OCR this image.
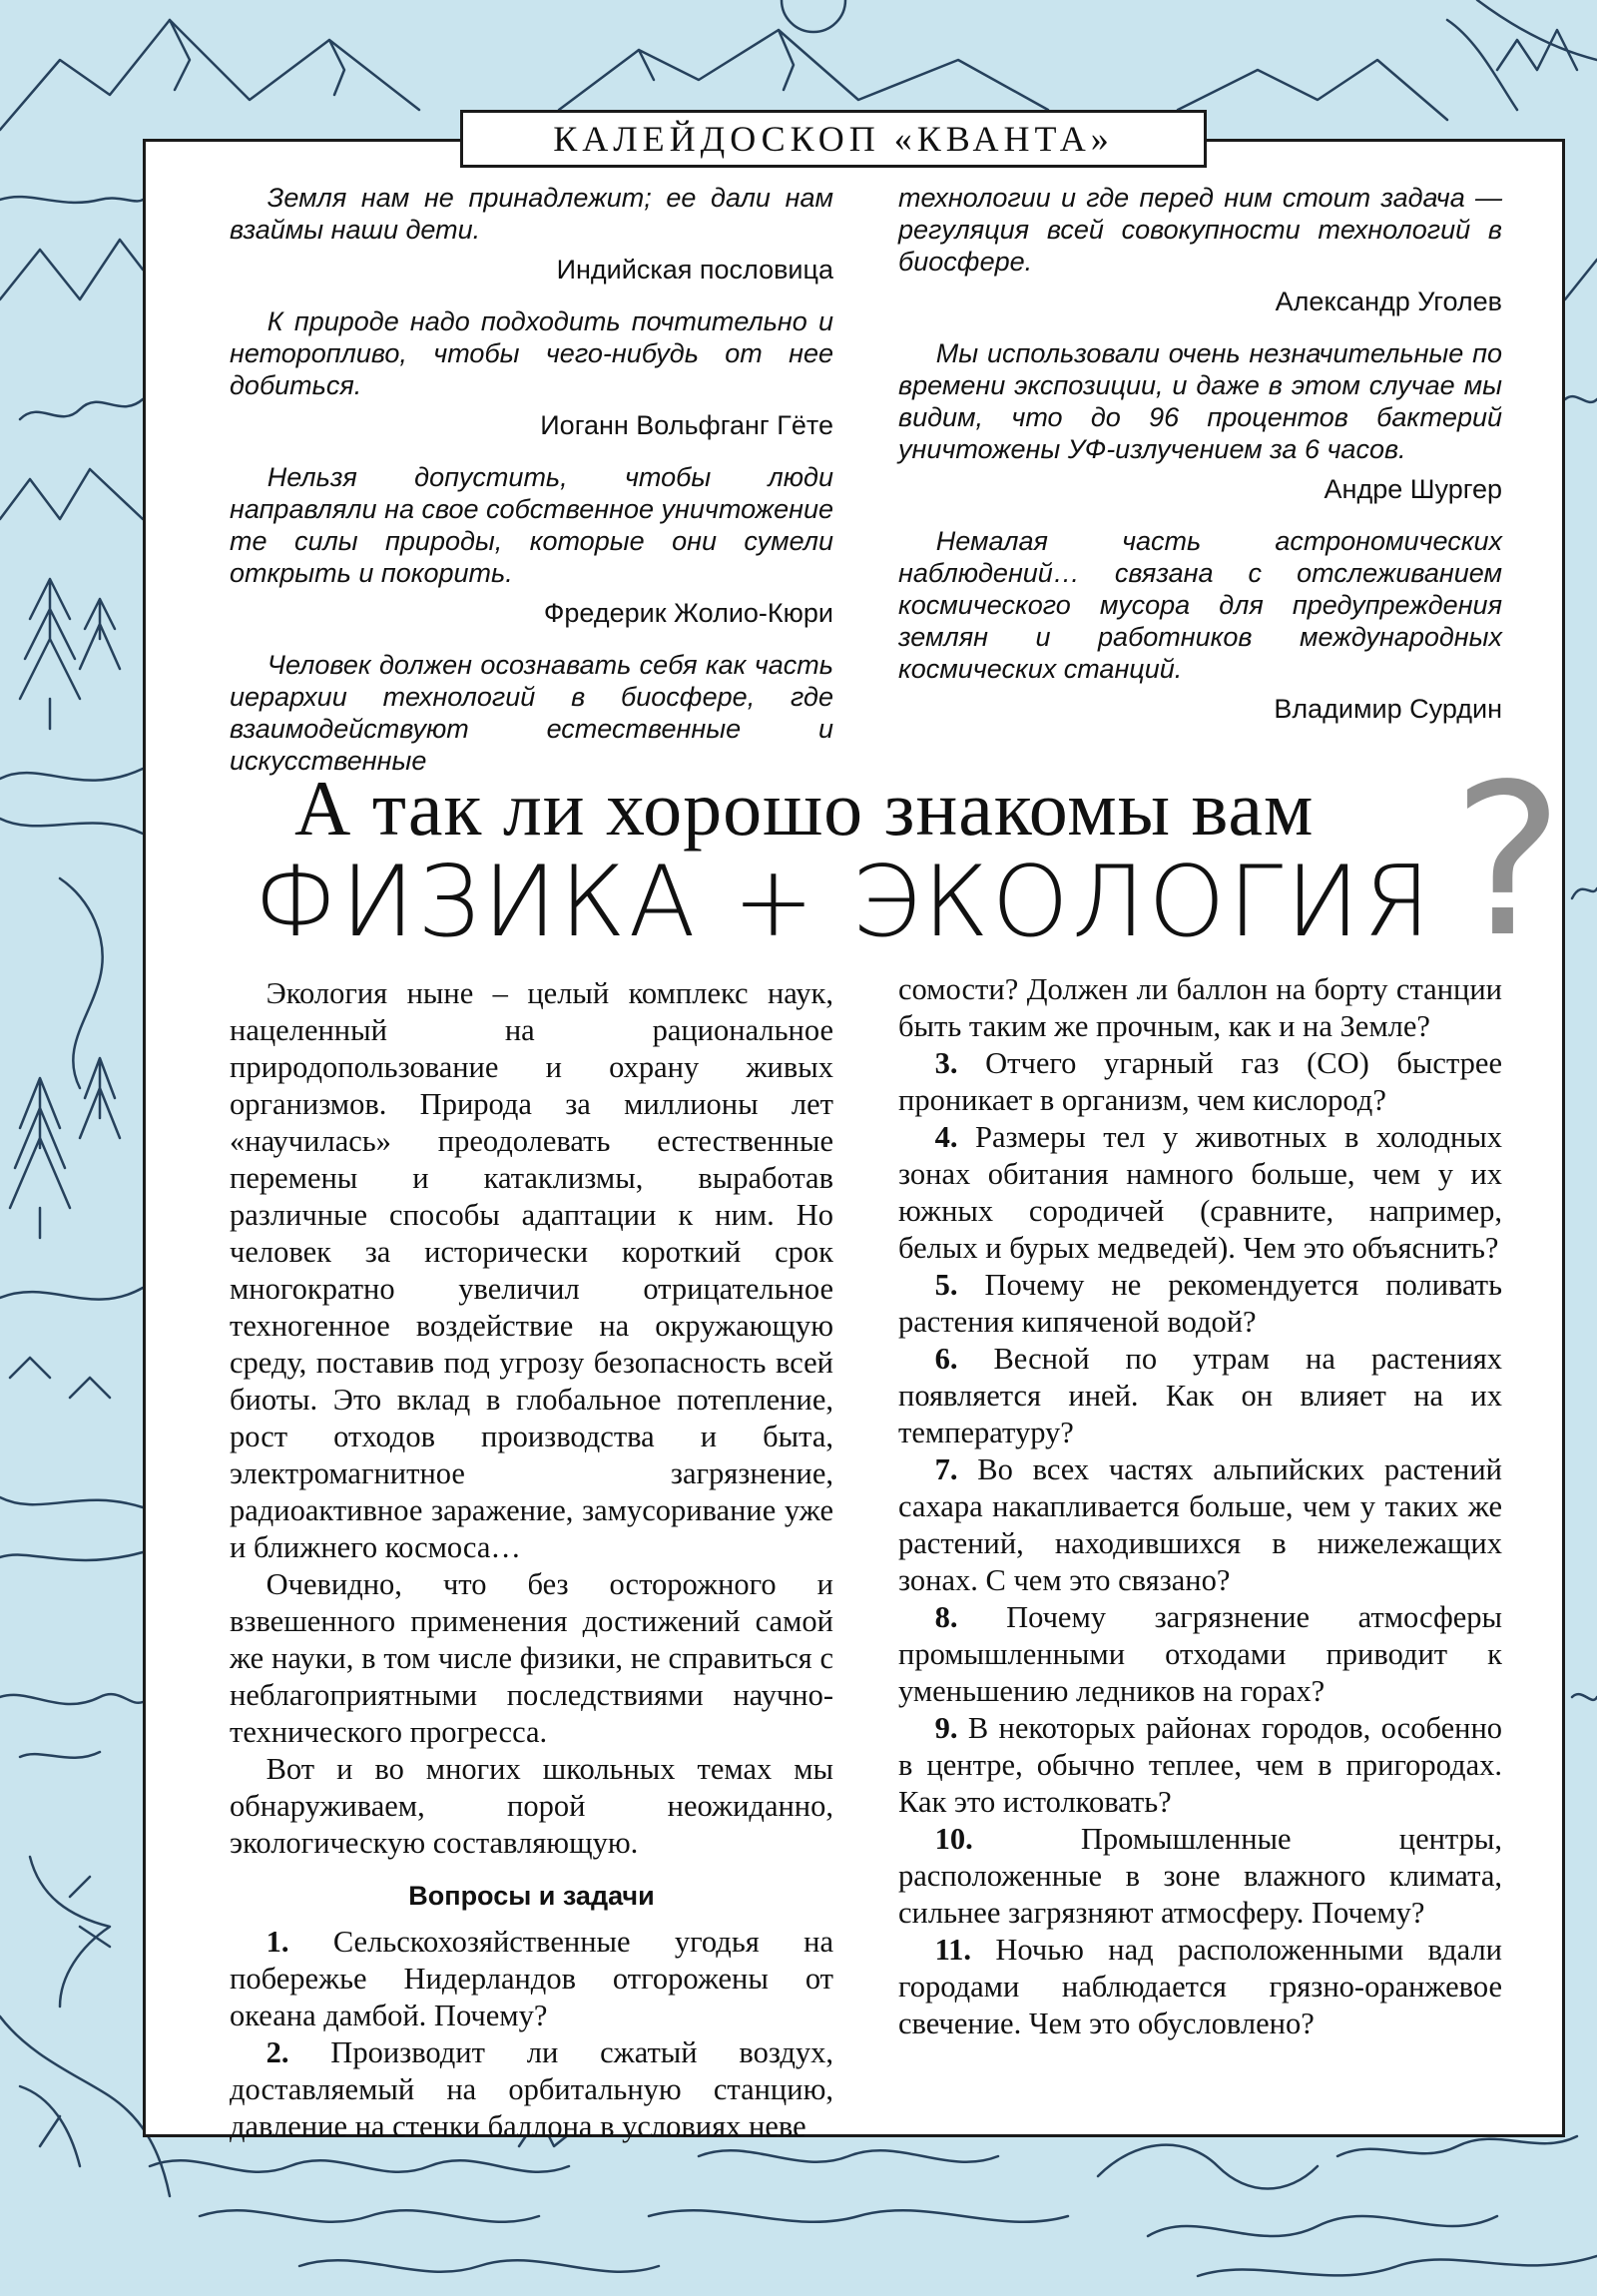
КАЛЕЙДОСКОП «КВАНТА»

Земля нам не принадлежит; ее дали нам взаймы наши дети.

Индийская пословица

К природе надо подходить почтительно и неторопливо, чтобы чего-нибудь от нее добиться.

Иоганн Вольфганг Гёте

Нельзя допустить, чтобы люди направляли на свое собственное уничтожение те силы природы, которые они сумели открыть и покорить.

Фредерик Жолио-Кюри

Человек должен осознавать себя как часть иерархии технологий в биосфере, где взаимодействуют естественные и искусственные

технологии и где перед ним стоит задача — регуляция всей совокупности технологий в биосфере.

Александр Уголев

Мы использовали очень незначительные по времени экспозиции, и даже в этом случае мы видим, что до 96 процентов бактерий уничтожены УФ-излучением за 6 часов.

Андре Шургер

Немалая часть астрономических наблюдений… связана с отслеживанием космического мусора для предупреждения землян и работников международных космических станций.

Владимир Сурдин
А так ли хорошо знакомы вам
ФИЗИКА + ЭКОЛОГИЯ ?

Экология ныне – целый комплекс наук, нацеленный на рациональное природопользование и охрану живых организмов. Природа за миллионы лет «научилась» преодолевать естественные перемены и катаклизмы, выработав различные способы адаптации к ним. Но человек за исторически короткий срок многократно увеличил отрицательное техногенное воздействие на окружающую среду, поставив под угрозу безопасность всей биоты. Это вклад в глобальное потепление, рост отходов производства и быта, электромагнитное загрязнение, радиоактивное заражение, замусоривание уже и ближнего космоса…

Очевидно, что без осторожного и взвешенного применения достижений самой же науки, в том числе физики, не справиться с неблагоприятными последствиями научно-технического прогресса.

Вот и во многих школьных темах мы обнаруживаем, порой неожиданно, экологическую составляющую.

Вопросы и задачи

1. Сельскохозяйственные угодья на побережье Нидерландов отгорожены от океана дамбой. Почему?

2. Производит ли сжатый воздух, доставляемый на орбитальную станцию, давление на стенки баллона в условиях неве

сомости? Должен ли баллон на борту станции быть таким же прочным, как и на Земле?

3. Отчего угарный газ (СО) быстрее проникает в организм, чем кислород?

4. Размеры тел у животных в холодных зонах обитания намного больше, чем у их южных сородичей (сравните, например, белых и бурых медведей). Чем это объяснить?

5. Почему не рекомендуется поливать растения кипяченой водой?

6. Весной по утрам на растениях появляется иней. Как он влияет на их температуру?

7. Во всех частях альпийских растений сахара накапливается больше, чем у таких же растений, находившихся в нижележащих зонах. С чем это связано?

8. Почему загрязнение атмосферы промышленными отходами приводит к уменьшению ледников на горах?

9. В некоторых районах городов, особенно в центре, обычно теплее, чем в пригородах. Как это истолковать?

10.	Промышленные центры, расположенные в зоне влажного климата, сильнее загрязняют атмосферу. Почему?

11. Ночью над расположенными вдали городами наблюдается грязно-оранжевое свечение. Чем это обусловлено?
